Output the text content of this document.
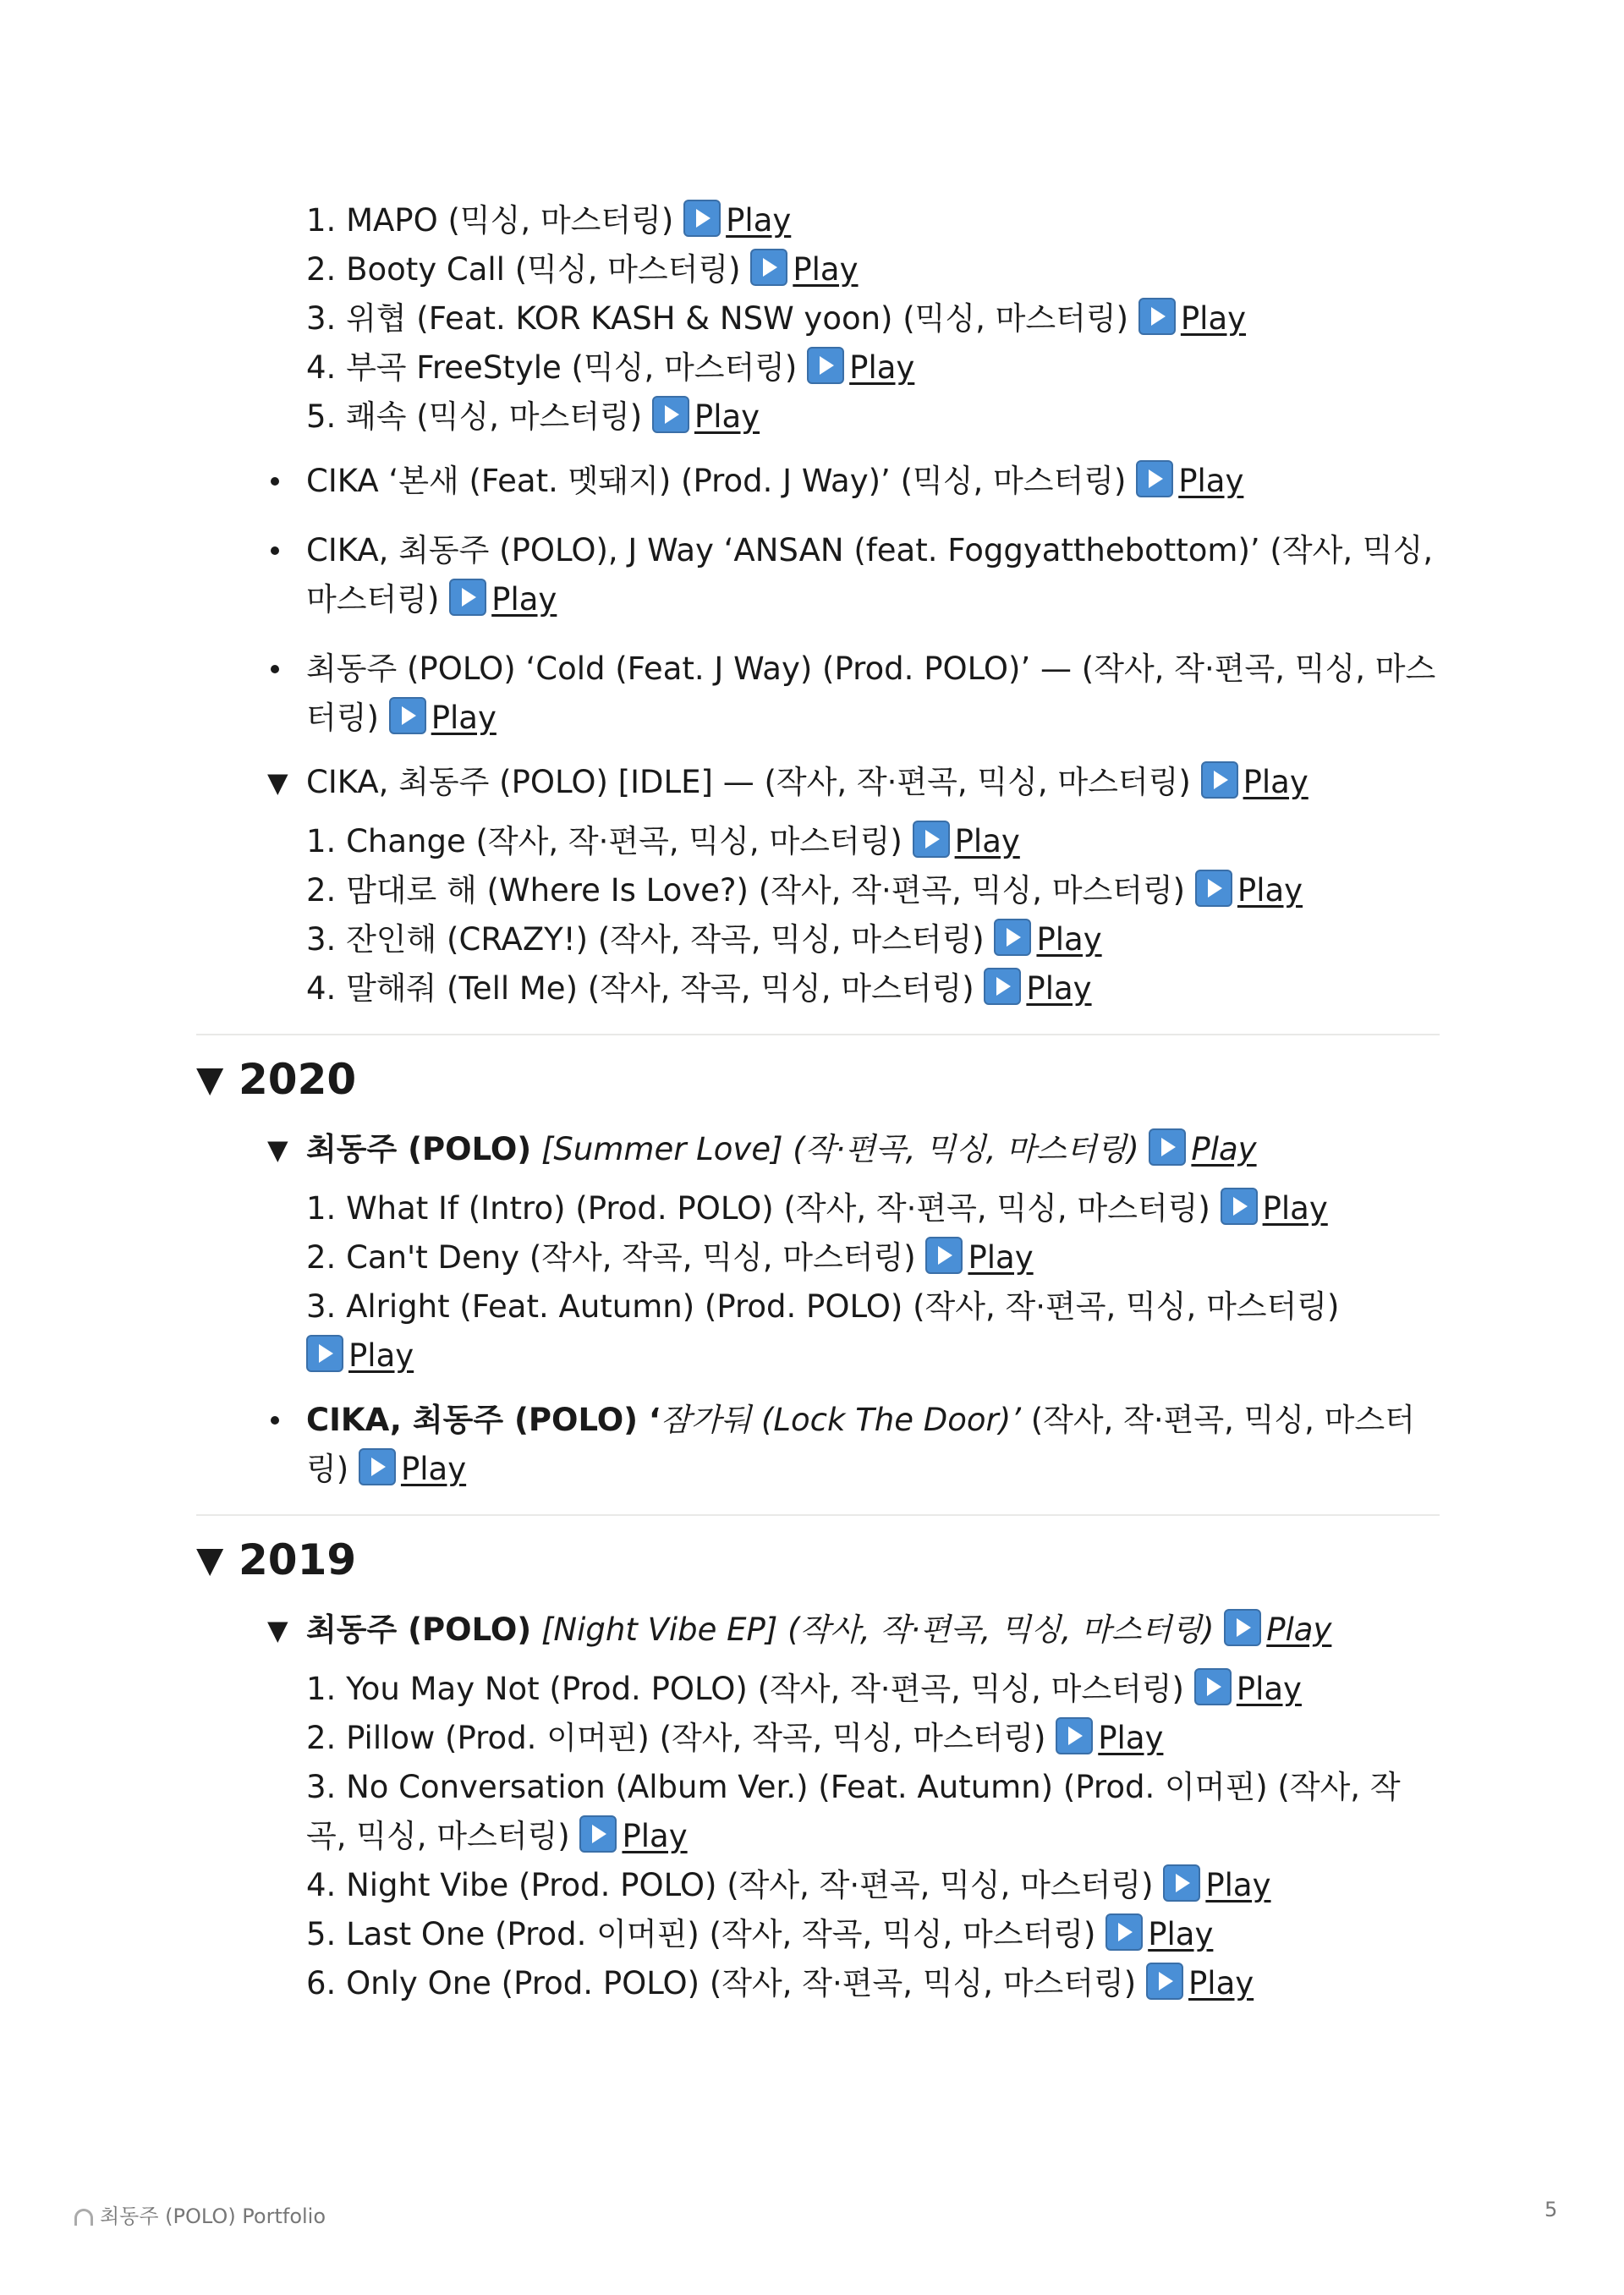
1. MAPO (믹싱, 마스터링) Play
2. Booty Call (믹싱, 마스터링) Play
3. 위협 (Feat. KOR KASH & NSW yoon) (믹싱, 마스터링) Play
4. 부곡 FreeStyle (믹싱, 마스터링) Play
5. 쾌속 (믹싱, 마스터링) Play
CIKA ‘본새 (Feat. 멧돼지) (Prod. J Way)’ (믹싱, 마스터링) Play
CIKA, 최동주 (POLO), J Way ‘ANSAN (feat. Foggyatthebottom)’ (작사, 믹싱, 마스터링) Play
최동주 (POLO) ‘Cold (Feat. J Way) (Prod. POLO)’ — (작사, 작·편곡, 믹싱, 마스터링) Play
▼ CIKA, 최동주 (POLO) [IDLE] — (작사, 작·편곡, 믹싱, 마스터링) Play
1. Change (작사, 작·편곡, 믹싱, 마스터링) Play
2. 맘대로 해 (Where Is Love?) (작사, 작·편곡, 믹싱, 마스터링) Play
3. 잔인해 (CRAZY!) (작사, 작곡, 믹싱, 마스터링) Play
4. 말해줘 (Tell Me) (작사, 작곡, 믹싱, 마스터링) Play
▼ 2020
▼ 최동주 (POLO) [Summer Love] (작·편곡, 믹싱, 마스터링) Play
1. What If (Intro) (Prod. POLO) (작사, 작·편곡, 믹싱, 마스터링) Play
2. Can't Deny (작사, 작곡, 믹싱, 마스터링) Play
3. Alright (Feat. Autumn) (Prod. POLO) (작사, 작·편곡, 믹싱, 마스터링) Play
CIKA, 최동주 (POLO) ‘잠가둬 (Lock The Door)’ (작사, 작·편곡, 믹싱, 마스터링) Play
▼ 2019
▼ 최동주 (POLO) [Night Vibe EP] (작사, 작·편곡, 믹싱, 마스터링) Play
1. You May Not (Prod. POLO) (작사, 작·편곡, 믹싱, 마스터링) Play
2. Pillow (Prod. 이머핀) (작사, 작곡, 믹싱, 마스터링) Play
3. No Conversation (Album Ver.) (Feat. Autumn) (Prod. 이머핀) (작사, 작곡, 믹싱, 마스터링) Play
4. Night Vibe (Prod. POLO) (작사, 작·편곡, 믹싱, 마스터링) Play
5. Last One (Prod. 이머핀) (작사, 작곡, 믹싱, 마스터링) Play
6. Only One (Prod. POLO) (작사, 작·편곡, 믹싱, 마스터링) Play
최동주 (POLO) Portfolio	5
